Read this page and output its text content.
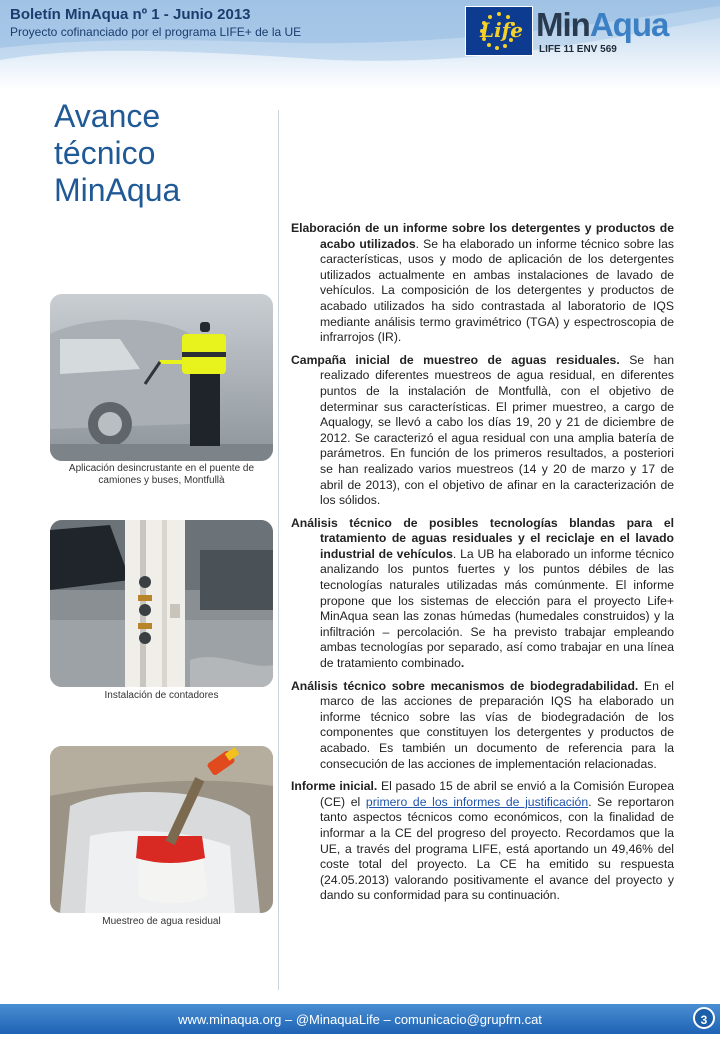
Boletín MinAqua nº 1 - Junio 2013
Proyecto cofinanciado por el programa LIFE+ de la UE	Life MinAqua
LIFE 11 ENV 569
Avance
técnico
MinAqua
Aplicación desincrustante en el puente de camiones y buses, Montfullà
Instalación de contadores
Muestreo de agua residual

Elaboración de un informe sobre los detergentes y productos de acabo utilizados. Se ha elaborado un informe técnico sobre las características, usos y modo de aplicación de los detergentes utilizados actualmente en ambas instalaciones de lavado de vehículos. La composición de los detergentes y productos de acabado utilizados ha sido contrastada al laboratorio de IQS mediante análisis termo gravimétrico (TGA) y espectroscopia de infrarrojos (IR).

Campaña inicial de muestreo de aguas residuales. Se han realizado diferentes muestreos de agua residual, en diferentes puntos de la instalación de Montfullà, con el objetivo de determinar sus características. El primer muestreo, a cargo de Aqualogy, se llevó a cabo los días 19, 20 y 21 de diciembre de 2012. Se caracterizó el agua residual con una amplia batería de parámetros. En función de los primeros resultados, a posteriori se han realizado varios muestreos (14 y 20 de marzo y 17 de abril de 2013), con el objetivo de afinar en la caracterización de los sólidos.

Análisis técnico de posibles tecnologías blandas para el tratamiento de aguas residuales y el reciclaje en el lavado industrial de vehículos. La UB ha elaborado un informe técnico analizando los puntos fuertes y los puntos débiles de las tecnologías naturales utilizadas más comúnmente. El informe propone que los sistemas de elección para el proyecto Life+ MinAqua sean las zonas húmedas (humedales construidos) y la infiltración – percolación. Se ha previsto trabajar empleando ambas tecnologías por separado, así como trabajar en una línea de tratamiento combinado.

Análisis técnico sobre mecanismos de biodegradabilidad. En el marco de las acciones de preparación IQS ha elaborado un informe técnico sobre las vías de biodegradación de los componentes que constituyen los detergentes y productos de acabado. Es también un documento de referencia para la consecución de las acciones de implementación relacionadas.

Informe inicial. El pasado 15 de abril se envió a la Comisión Europea (CE) el primero de los informes de justificación. Se reportaron tanto aspectos técnicos como económicos, con la finalidad de informar a la CE del progreso del proyecto. Recordamos que la UE, a través del programa LIFE, está aportando un 49,46% del coste total del proyecto. La CE ha emitido su respuesta (24.05.2013) valorando positivamente el avance del proyecto y dando su conformidad para su continuación.

www.minaqua.org – @MinaquaLife – comunicacio@grupfrn.cat	3
